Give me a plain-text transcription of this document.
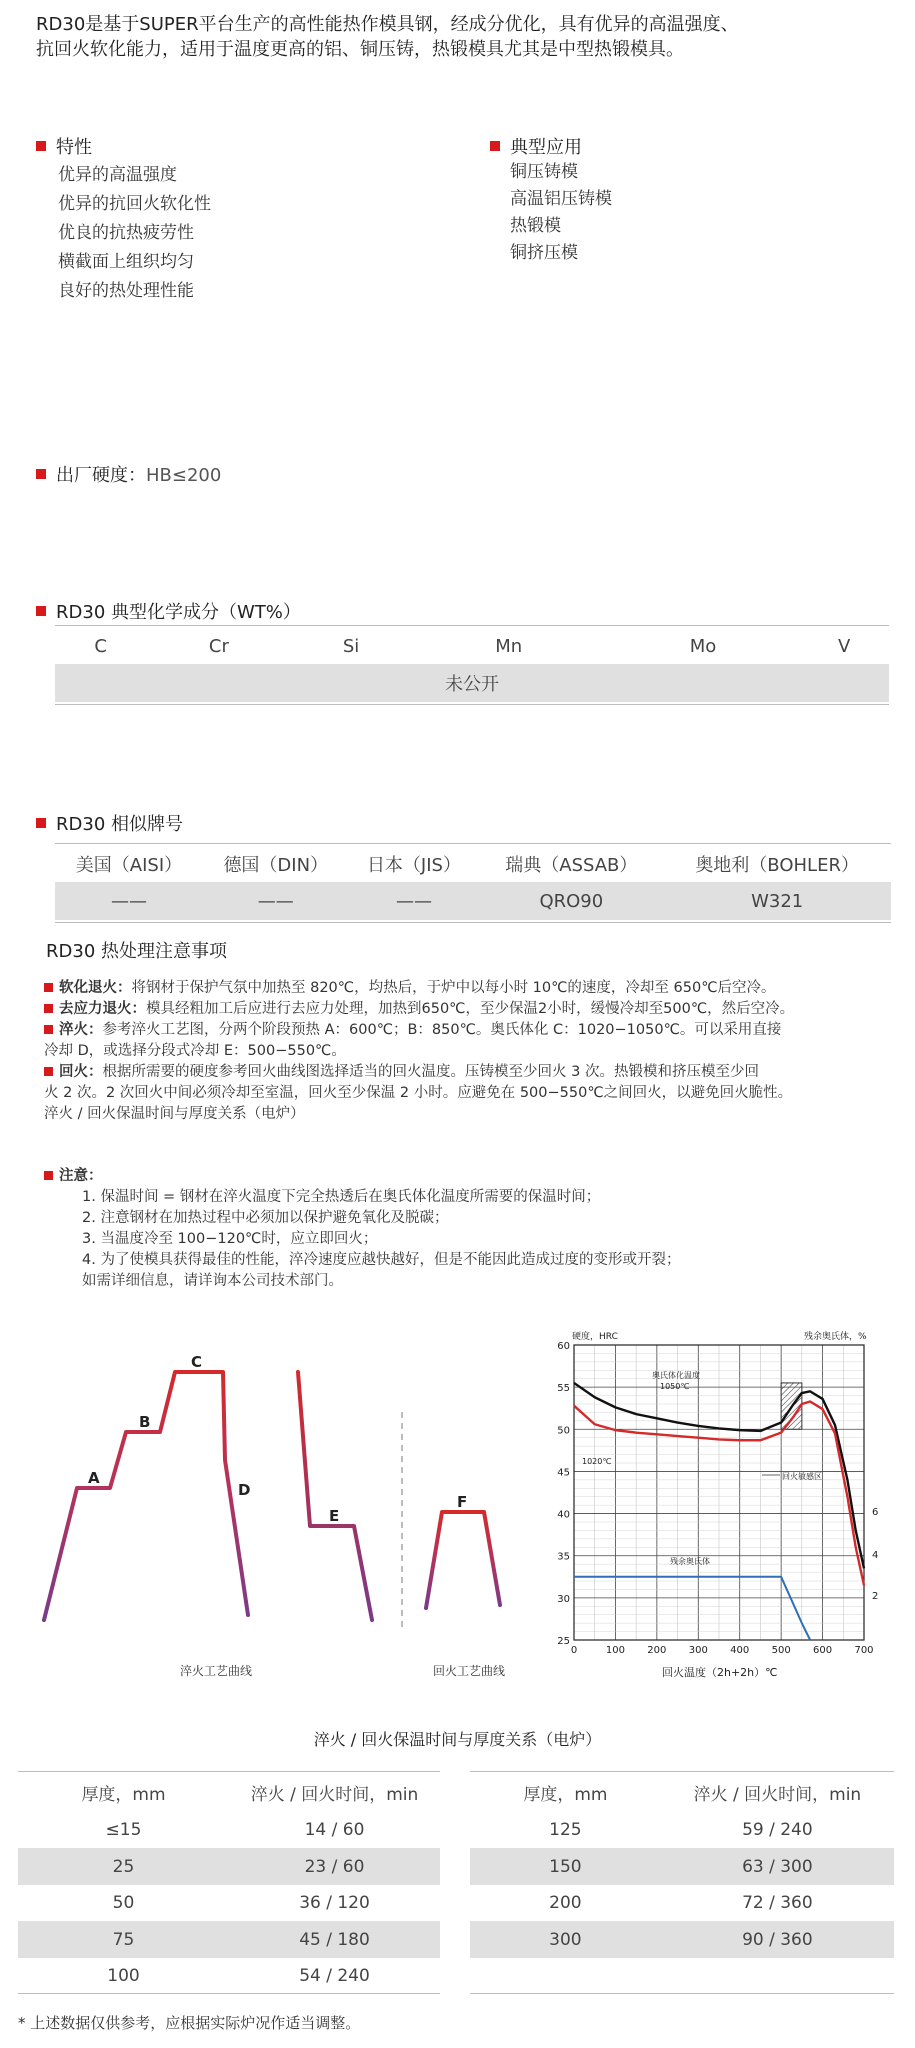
RD30是基于SUPER平台生产的高性能热作模具钢，经成分优化，具有优异的高温强度、
抗回火软化能力，适用于温度更高的铝、铜压铸，热锻模具尤其是中型热锻模具。
特性
优异的高温强度
优异的抗回火软化性
优良的抗热疲劳性
横截面上组织均匀
良好的热处理性能
典型应用
铜压铸模
高温铝压铸模
热锻模
铜挤压模
出厂硬度：HB≤200
RD30 典型化学成分（WT%）
C	Cr	Si	Mn	Mo	V
未公开
RD30 相似牌号
美国（AISI）	德国（DIN）	日本（JIS）	瑞典（ASSAB）	奥地利（BOHLER）
——	——	——	QRO90	W321
RD30 热处理注意事项
软化退火：将钢材于保护气氛中加热至 820℃，均热后，于炉中以每小时 10℃的速度，冷却至 650℃后空冷。
去应力退火：模具经粗加工后应进行去应力处理，加热到650℃，至少保温2小时，缓慢冷却至500℃，然后空冷。
淬火：参考淬火工艺图，分两个阶段预热 A：600℃；B：850℃。奥氏体化 C：1020−1050℃。可以采用直接
冷却 D，或选择分段式冷却 E：500−550℃。
回火：根据所需要的硬度参考回火曲线图选择适当的回火温度。压铸模至少回火 3 次。热锻模和挤压模至少回
火 2 次。2 次回火中间必须冷却至室温，回火至少保温 2 小时。应避免在 500−550℃之间回火，以避免回火脆性。
淬火 / 回火保温时间与厚度关系（电炉）
注意：
1. 保温时间 = 钢材在淬火温度下完全热透后在奥氏体化温度所需要的保温时间；
2. 注意钢材在加热过程中必须加以保护避免氧化及脱碳；
3. 当温度冷至 100−120℃时，应立即回火；
4. 为了使模具获得最佳的性能，淬冷速度应越快越好，但是不能因此造成过度的变形或开裂；
如需详细信息，请详询本公司技术部门。
A
B
C
D
E
F
淬火工艺曲线	回火工艺曲线
硬度，HRC	残余奥氏体，%
25
30
35
40
45
50
55
60
0	100 200 300 400 500 600 700
奥氏体化温度
1050℃
1020℃
回火敏感区
残余奥氏体
6
4
2
回火温度（2h+2h）℃
淬火 / 回火保温时间与厚度关系（电炉）
厚度，mm	淬火 / 回火时间，min
≤15	14 / 60
25	23 / 60
50	36 / 120
75	45 / 180
100	54 / 240
厚度，mm	淬火 / 回火时间，min
125	59 / 240
150	63 / 300
200	72 / 360
300	90 / 360
* 上述数据仅供参考，应根据实际炉况作适当调整。
